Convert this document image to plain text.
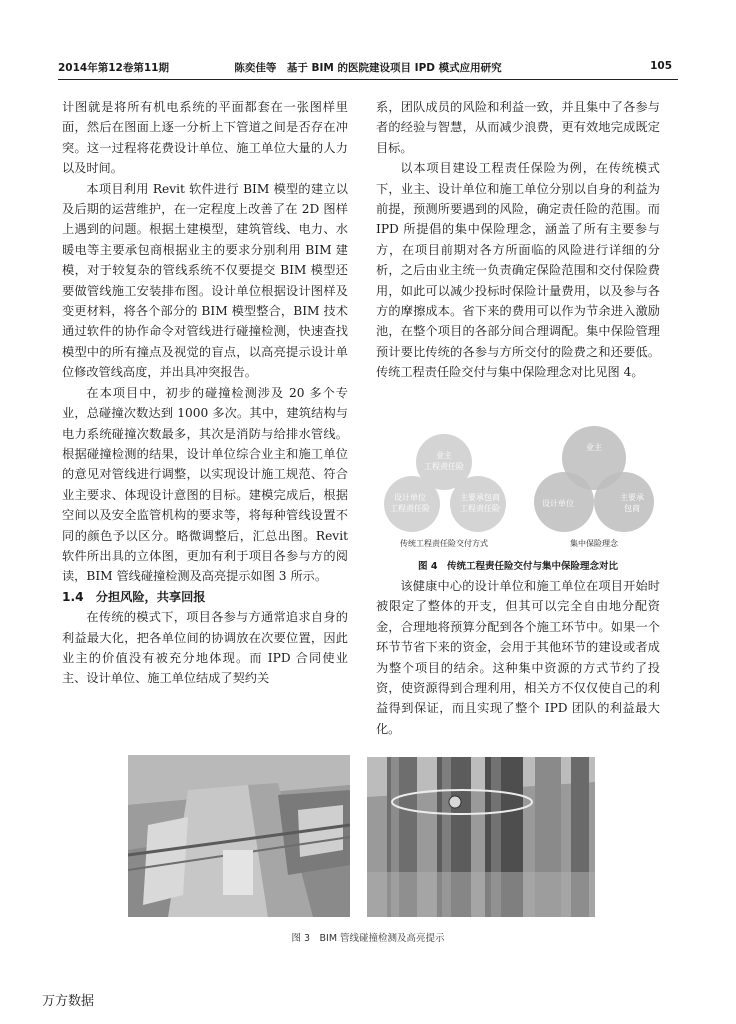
2014年第12卷第11期	陈奕佳等　基于 BIM 的医院建设项目 IPD 模式应用研究	105

计图就是将所有机电系统的平面都套在一张图样里面，然后在图面上逐一分析上下管道之间是否存在冲突。这一过程将花费设计单位、施工单位大量的人力以及时间。

本项目利用 Revit 软件进行 BIM 模型的建立以及后期的运营维护，在一定程度上改善了在 2D 图样上遇到的问题。根据土建模型，建筑管线、电力、水暖电等主要承包商根据业主的要求分别利用 BIM 建模，对于较复杂的管线系统不仅要提交 BIM 模型还要做管线施工安装排布图。设计单位根据设计图样及变更材料，将各个部分的 BIM 模型整合，BIM 技术通过软件的协作命令对管线进行碰撞检测，快速查找模型中的所有撞点及视觉的盲点，以高亮提示设计单位修改管线高度，并出具冲突报告。

在本项目中，初步的碰撞检测涉及 20 多个专业，总碰撞次数达到 1000 多次。其中，建筑结构与电力系统碰撞次数最多，其次是消防与给排水管线。根据碰撞检测的结果，设计单位综合业主和施工单位的意见对管线进行调整，以实现设计施工规范、符合业主要求、体现设计意图的目标。建模完成后，根据空间以及安全监管机构的要求等，将每种管线设置不同的颜色予以区分。略微调整后，汇总出图。Revit 软件所出具的立体图，更加有利于项目各参与方的阅读，BIM 管线碰撞检测及高亮提示如图 3 所示。

1.4　分担风险，共享回报

在传统的模式下，项目各参与方通常追求自身的利益最大化，把各单位间的协调放在次要位置，因此业主的价值没有被充分地体现。而 IPD 合同使业主、设计单位、施工单位结成了契约关

系，团队成员的风险和利益一致，并且集中了各参与者的经验与智慧，从而减少浪费，更有效地完成既定目标。

以本项目建设工程责任保险为例，在传统模式下，业主、设计单位和施工单位分别以自身的利益为前提，预测所要遇到的风险，确定责任险的范围。而 IPD 所提倡的集中保险理念，涵盖了所有主要参与方，在项目前期对各方所面临的风险进行详细的分析，之后由业主统一负责确定保险范围和交付保险费用，如此可以减少投标时保险计量费用，以及参与各方的摩擦成本。省下来的费用可以作为节余进入激励池，在整个项目的各部分间合理调配。集中保险管理预计要比传统的各参与方所交付的险费之和还要低。传统工程责任险交付与集中保险理念对比见图 4。

业主
工程责任险
设计单位
工程责任险
主要承包商
工程责任险
传统工程责任险交付方式
业主
设计单位
主要承
包商
集中保险理念
图 4　传统工程责任险交付与集中保险理念对比

该健康中心的设计单位和施工单位在项目开始时被限定了整体的开支，但其可以完全自由地分配资金，合理地将预算分配到各个施工环节中。如果一个环节节省下来的资金，会用于其他环节的建设或者成为整个项目的结余。这种集中资源的方式节约了投资，使资源得到合理利用，相关方不仅仅使自己的利益得到保证，而且实现了整个 IPD 团队的利益最大化。

图 3　BIM 管线碰撞检测及高亮提示
万方数据
